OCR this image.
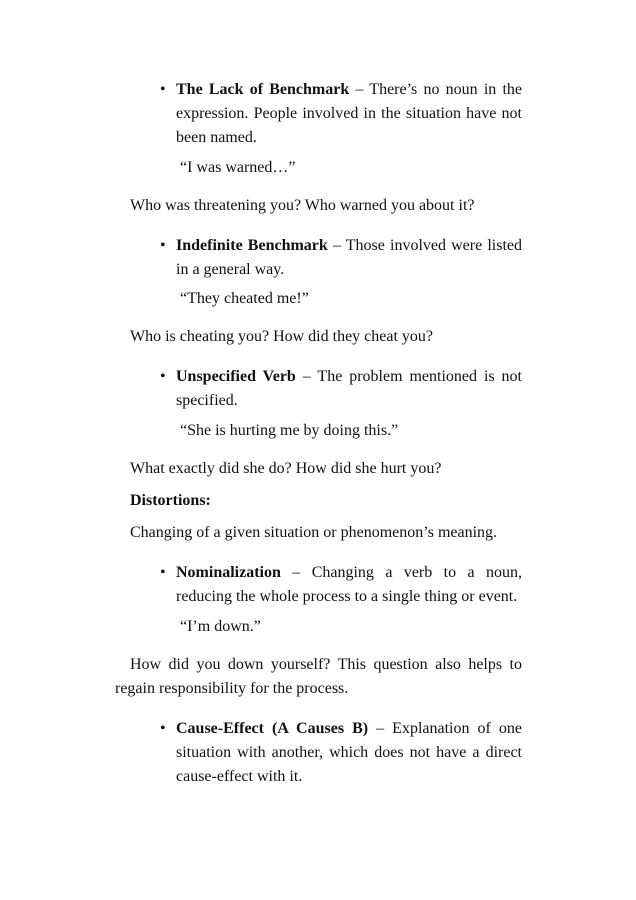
• The Lack of Benchmark – There’s no noun in the expression. People involved in the situation have not been named.
“I was warned…”
Who was threatening you? Who warned you about it?
• Indefinite Benchmark – Those involved were listed in a general way.
“They cheated me!”
Who is cheating you? How did they cheat you?
• Unspecified Verb – The problem mentioned is not specified.
“She is hurting me by doing this.”
What exactly did she do? How did she hurt you?
Distortions:
Changing of a given situation or phenomenon’s meaning.
• Nominalization – Changing a verb to a noun, reducing the whole process to a single thing or event.
“I’m down.”
How did you down yourself? This question also helps to regain responsibility for the process.
• Cause-Effect (A Causes B) – Explanation of one situation with another, which does not have a direct cause-effect with it.
